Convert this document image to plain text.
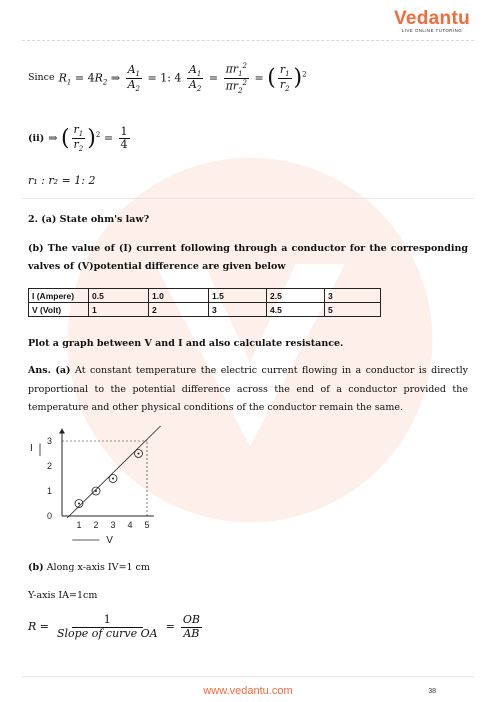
Vedantu
LIVE ONLINE TUTORING
Since $R_1 = 4R_2$ ⇒ $\frac{A_1}{A_2} = 1$: $4 \frac{A_1}{A_2} = \frac{\pi r_1^2}{\pi r_2^2}$ = ( $\frac{r_1}{r_2} )^2$
(ii) ⇒ ( $\frac{r_1}{r_2} )^2 = \frac{1}{4}$
r₁ : r₂ = 1: 2
2. (a) State ohm's law?
(b) The value of (I) current following through a conductor for the corresponding valves of (V)potential difference are given below
I (Ampere)	0.5	1.0	1.5	2.5	3
V (Volt)	1	2	3	4.5	5
Plot a graph between V and I and also calculate resistance.
Ans. (a) At constant temperature the electric current flowing in a conductor is directly proportional to the potential difference across the end of a conductor provided the temperature and other physical conditions of the conductor remain the same.
0
1
2
3
1 2 3 4 5
I
V
(b) Along x-axis IV=1 cm
Y-axis IA=1cm
$R = \frac{1}{\text{Slope of curve OA}} = \frac{OB}{AB}$
www.vedantu.com	38
